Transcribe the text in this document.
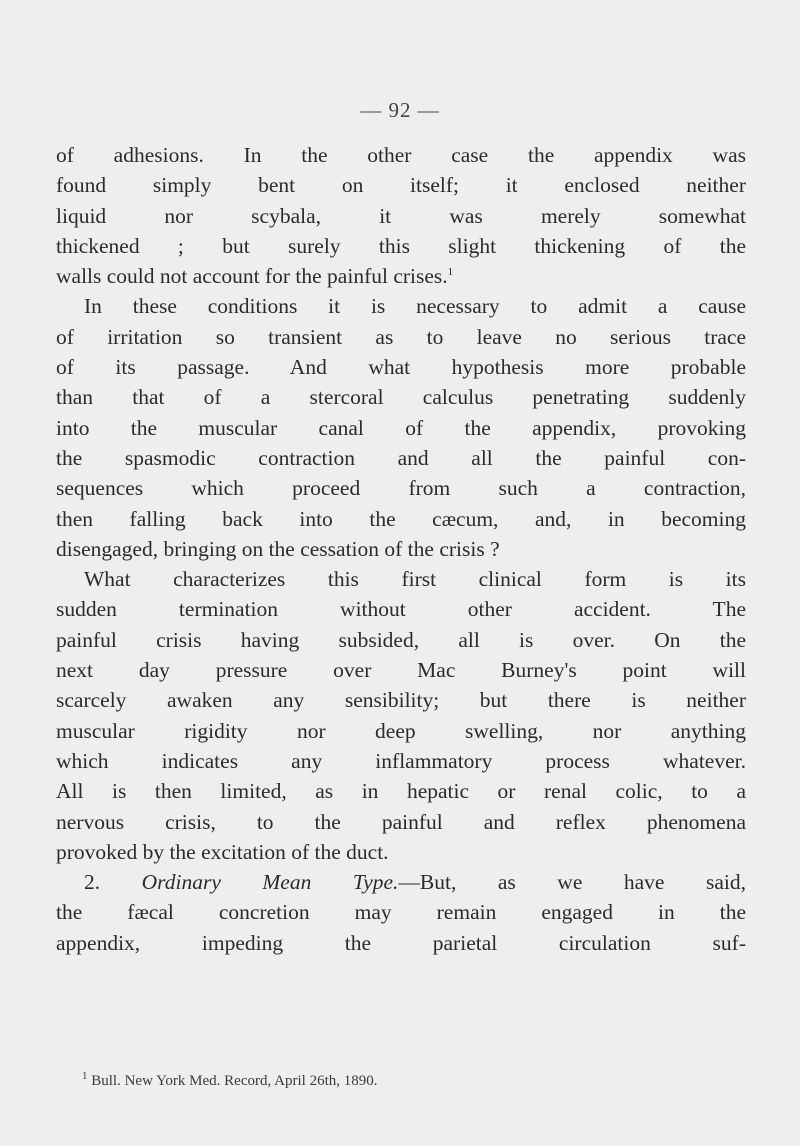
— 92 —
of adhesions. In the other case the appendix was
found simply bent on itself; it enclosed neither
liquid nor scybala, it was merely somewhat
thickened ; but surely this slight thickening of the
walls could not account for the painful crises.$^1$
In these conditions it is necessary to admit a cause
of irritation so transient as to leave no serious trace
of its passage. And what hypothesis more probable
than that of a stercoral calculus penetrating suddenly
into the muscular canal of the appendix, provoking
the spasmodic contraction and all the painful con-
sequences which proceed from such a contraction,
then falling back into the cæcum, and, in becoming
disengaged, bringing on the cessation of the crisis ?
What characterizes this first clinical form is its
sudden termination without other accident. The
painful crisis having subsided, all is over. On the
next day pressure over Mac Burney's point will
scarcely awaken any sensibility; but there is neither
muscular rigidity nor deep swelling, nor anything
which indicates any inflammatory process whatever.
All is then limited, as in hepatic or renal colic, to a
nervous crisis, to the painful and reflex phenomena
provoked by the excitation of the duct.
2. Ordinary Mean Type.—But, as we have said,
the fæcal concretion may remain engaged in the
appendix, impeding the parietal circulation suf-
$^1$ Bull. New York Med. Record, April 26th, 1890.
